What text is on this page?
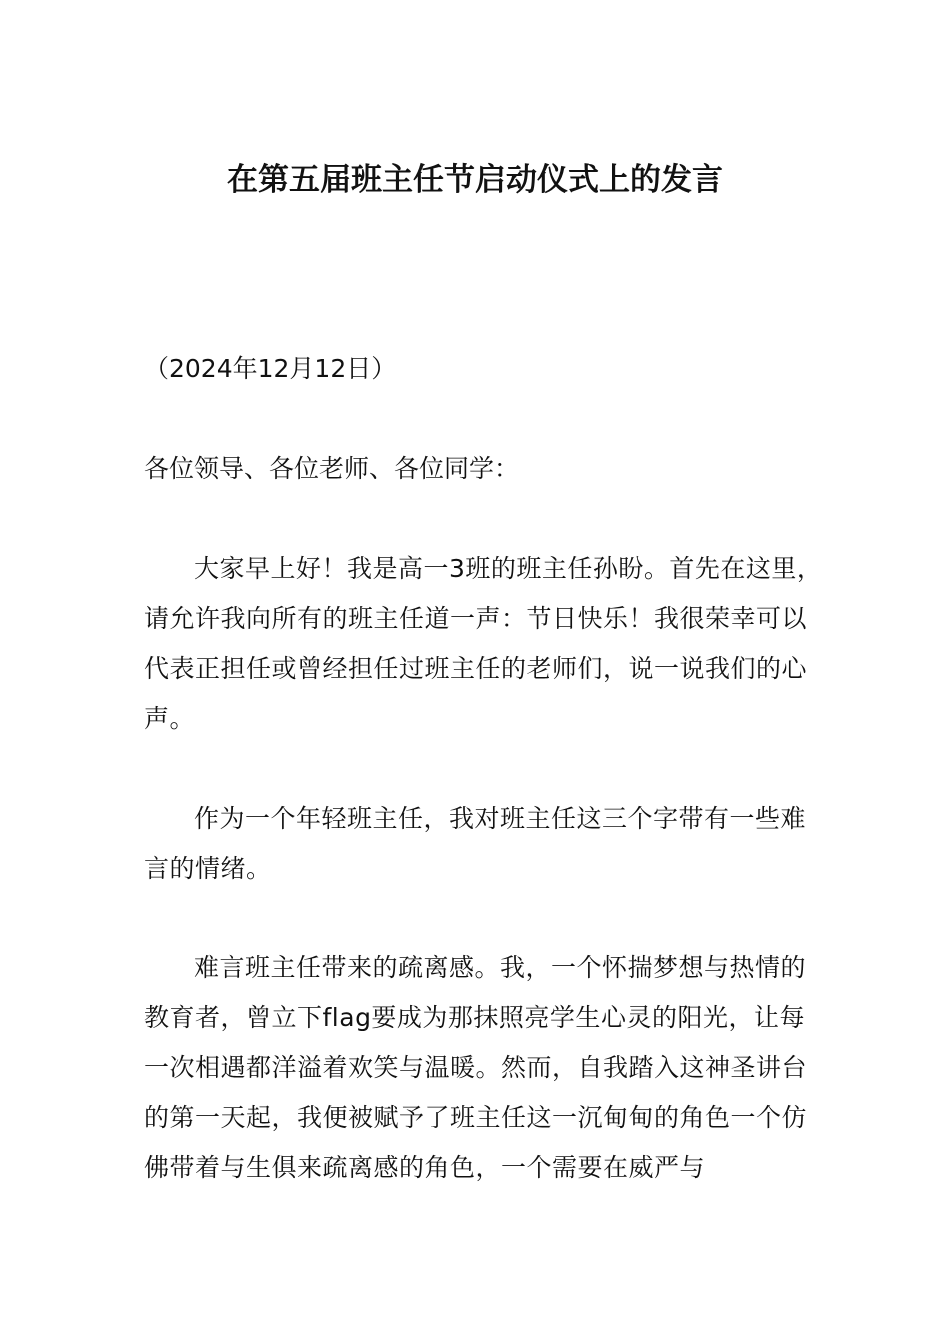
在第五届班主任节启动仪式上的发言

（2024年12月12日）

各位领导、各位老师、各位同学：

大家早上好！我是高一3班的班主任孙盼。首先在这里，请允许我向所有的班主任道一声：节日快乐！我很荣幸可以代表正担任或曾经担任过班主任的老师们，说一说我们的心声。

作为一个年轻班主任，我对班主任这三个字带有一些难言的情绪。

难言班主任带来的疏离感。我，一个怀揣梦想与热情的教育者，曾立下flag要成为那抹照亮学生心灵的阳光，让每一次相遇都洋溢着欢笑与温暖。然而，自我踏入这神圣讲台的第一天起，我便被赋予了班主任这一沉甸甸的角色一个仿佛带着与生俱来疏离感的角色，一个需要在威严与
